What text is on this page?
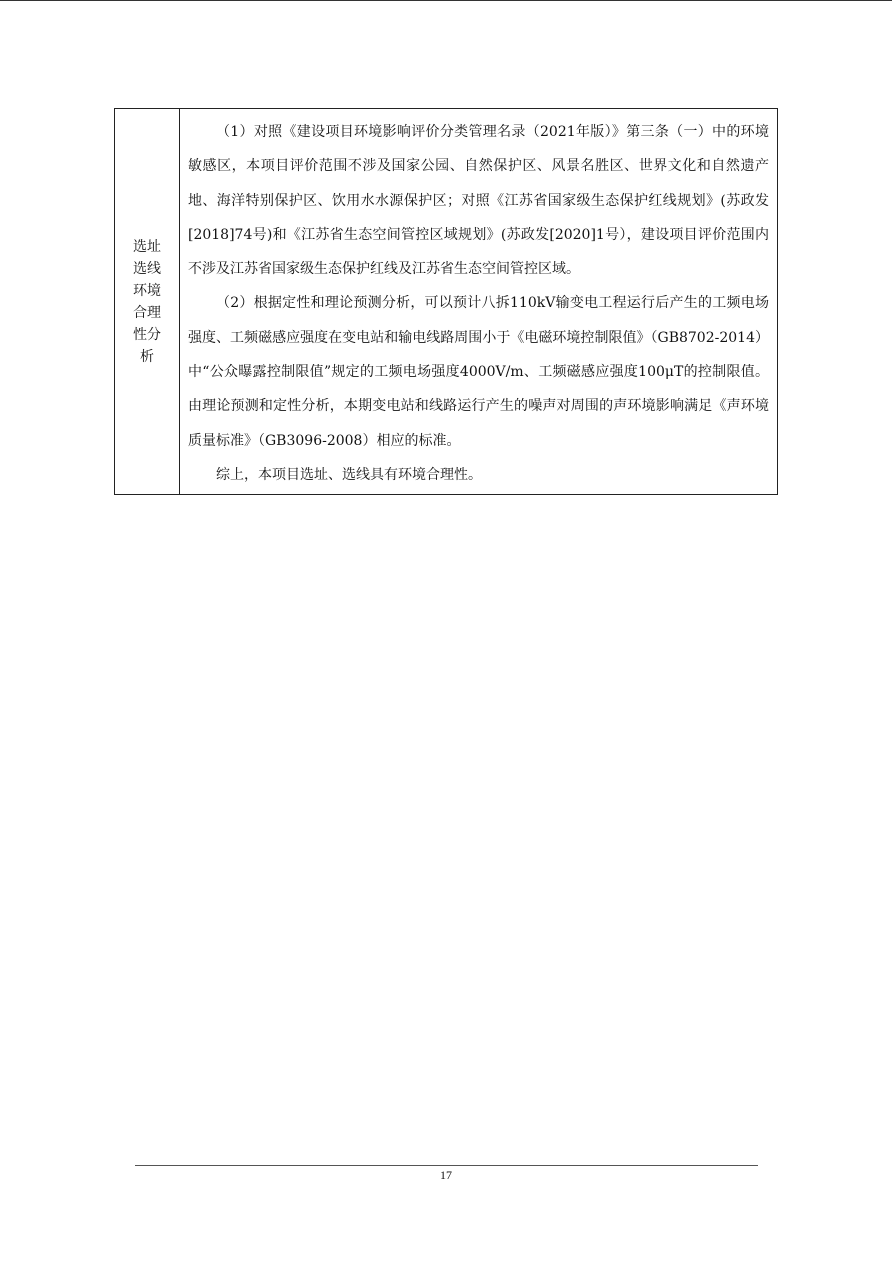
选址选线环境合理性分析	

（1）对照《建设项目环境影响评价分类管理名录（2021年版）》第三条（一）中的环境敏感区，本项目评价范围不涉及国家公园、自然保护区、风景名胜区、世界文化和自然遗产地、海洋特别保护区、饮用水水源保护区；对照《江苏省国家级生态保护红线规划》(苏政发[2018]74号)和《江苏省生态空间管控区域规划》(苏政发[2020]1号），建设项目评价范围内不涉及江苏省国家级生态保护红线及江苏省生态空间管控区域。

（2）根据定性和理论预测分析，可以预计八拆110kV输变电工程运行后产生的工频电场强度、工频磁感应强度在变电站和输电线路周围小于《电磁环境控制限值》（GB8702-2014）中“公众曝露控制限值”规定的工频电场强度4000V/m、工频磁感应强度100μT的控制限值。由理论预测和定性分析，本期变电站和线路运行产生的噪声对周围的声环境影响满足《声环境质量标准》（GB3096-2008）相应的标准。

综上，本项目选址、选线具有环境合理性。

17
